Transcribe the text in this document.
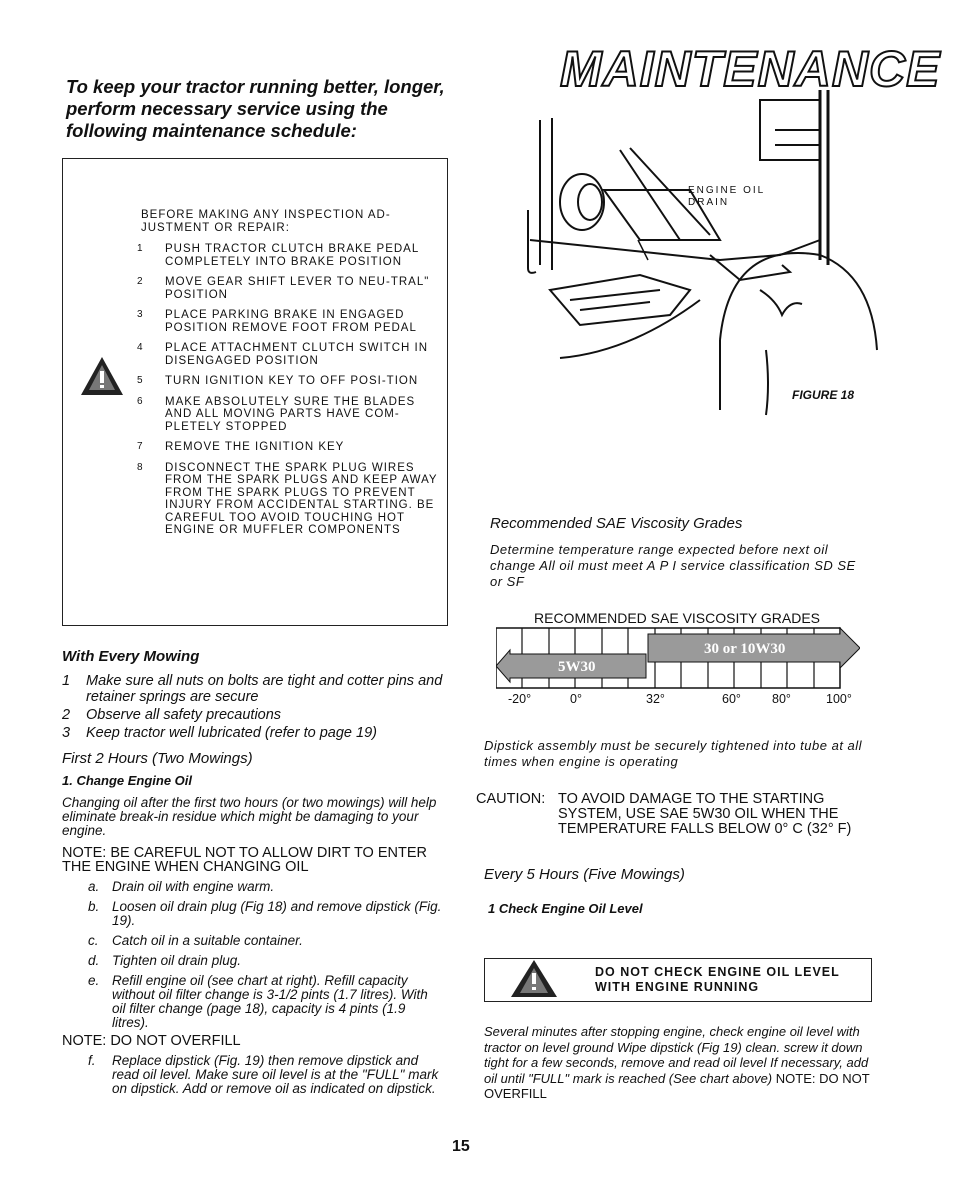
MAINTENANCE
To keep your tractor running better, longer, perform necessary service using the following maintenance schedule:
BEFORE MAKING ANY INSPECTION AD-JUSTMENT OR REPAIR:
1 PUSH TRACTOR CLUTCH BRAKE PEDAL COMPLETELY INTO BRAKE POSITION
2 MOVE GEAR SHIFT LEVER TO NEU-TRAL" POSITION
3 PLACE PARKING BRAKE IN ENGAGED POSITION REMOVE FOOT FROM PEDAL
4 PLACE ATTACHMENT CLUTCH SWITCH IN DISENGAGED POSITION
5 TURN IGNITION KEY TO OFF POSI-TION
6 MAKE ABSOLUTELY SURE THE BLADES AND ALL MOVING PARTS HAVE COM-PLETELY STOPPED
7 REMOVE THE IGNITION KEY
8 DISCONNECT THE SPARK PLUG WIRES FROM THE SPARK PLUGS AND KEEP AWAY FROM THE SPARK PLUGS TO PREVENT INJURY FROM ACCIDENTAL STARTING. BE CAREFUL TOO AVOID TOUCHING HOT ENGINE OR MUFFLER COMPONENTS
With Every Mowing
1 Make sure all nuts on bolts are tight and cotter pins and retainer springs are secure
2 Observe all safety precautions
3 Keep tractor well lubricated (refer to page 19)
First 2 Hours (Two Mowings)
1. Change Engine Oil
Changing oil after the first two hours (or two mowings) will help eliminate break-in residue which might be damaging to your engine.
NOTE: BE CAREFUL NOT TO ALLOW DIRT TO ENTER THE ENGINE WHEN CHANGING OIL
a. Drain oil with engine warm.
b. Loosen oil drain plug (Fig 18) and remove dipstick (Fig. 19).
c. Catch oil in a suitable container.
d. Tighten oil drain plug.
e. Refill engine oil (see chart at right). Refill capacity without oil filter change is 3-1/2 pints (1.7 litres). With oil filter change (page 18), capacity is 4 pints (1.9 litres).
NOTE: DO NOT OVERFILL
f. Replace dipstick (Fig. 19) then remove dipstick and read oil level. Make sure oil level is at the "FULL" mark on dipstick. Add or remove oil as indicated on dipstick.
ENGINE OIL DRAIN
FIGURE 18
Recommended SAE Viscosity Grades
Determine temperature range expected before next oil change All oil must meet A P I service classification SD SE or SF
RECOMMENDED SAE VISCOSITY GRADES
30 or 10W30
5W30
-20°	0°	32°	60° 80°	100°
Dipstick assembly must be securely tightened into tube at all times when engine is operating
CAUTION: TO AVOID DAMAGE TO THE STARTING SYSTEM, USE SAE 5W30 OIL WHEN THE TEMPERATURE FALLS BELOW 0° C (32° F)
Every 5 Hours (Five Mowings)
1 Check Engine Oil Level
DO NOT CHECK ENGINE OIL LEVEL WITH ENGINE RUNNING
Several minutes after stopping engine, check engine oil level with tractor on level ground Wipe dipstick (Fig 19) clean. screw it down tight for a few seconds, remove and read oil level If necessary, add oil until "FULL" mark is reached (See chart above) NOTE: DO NOT OVERFILL
15
